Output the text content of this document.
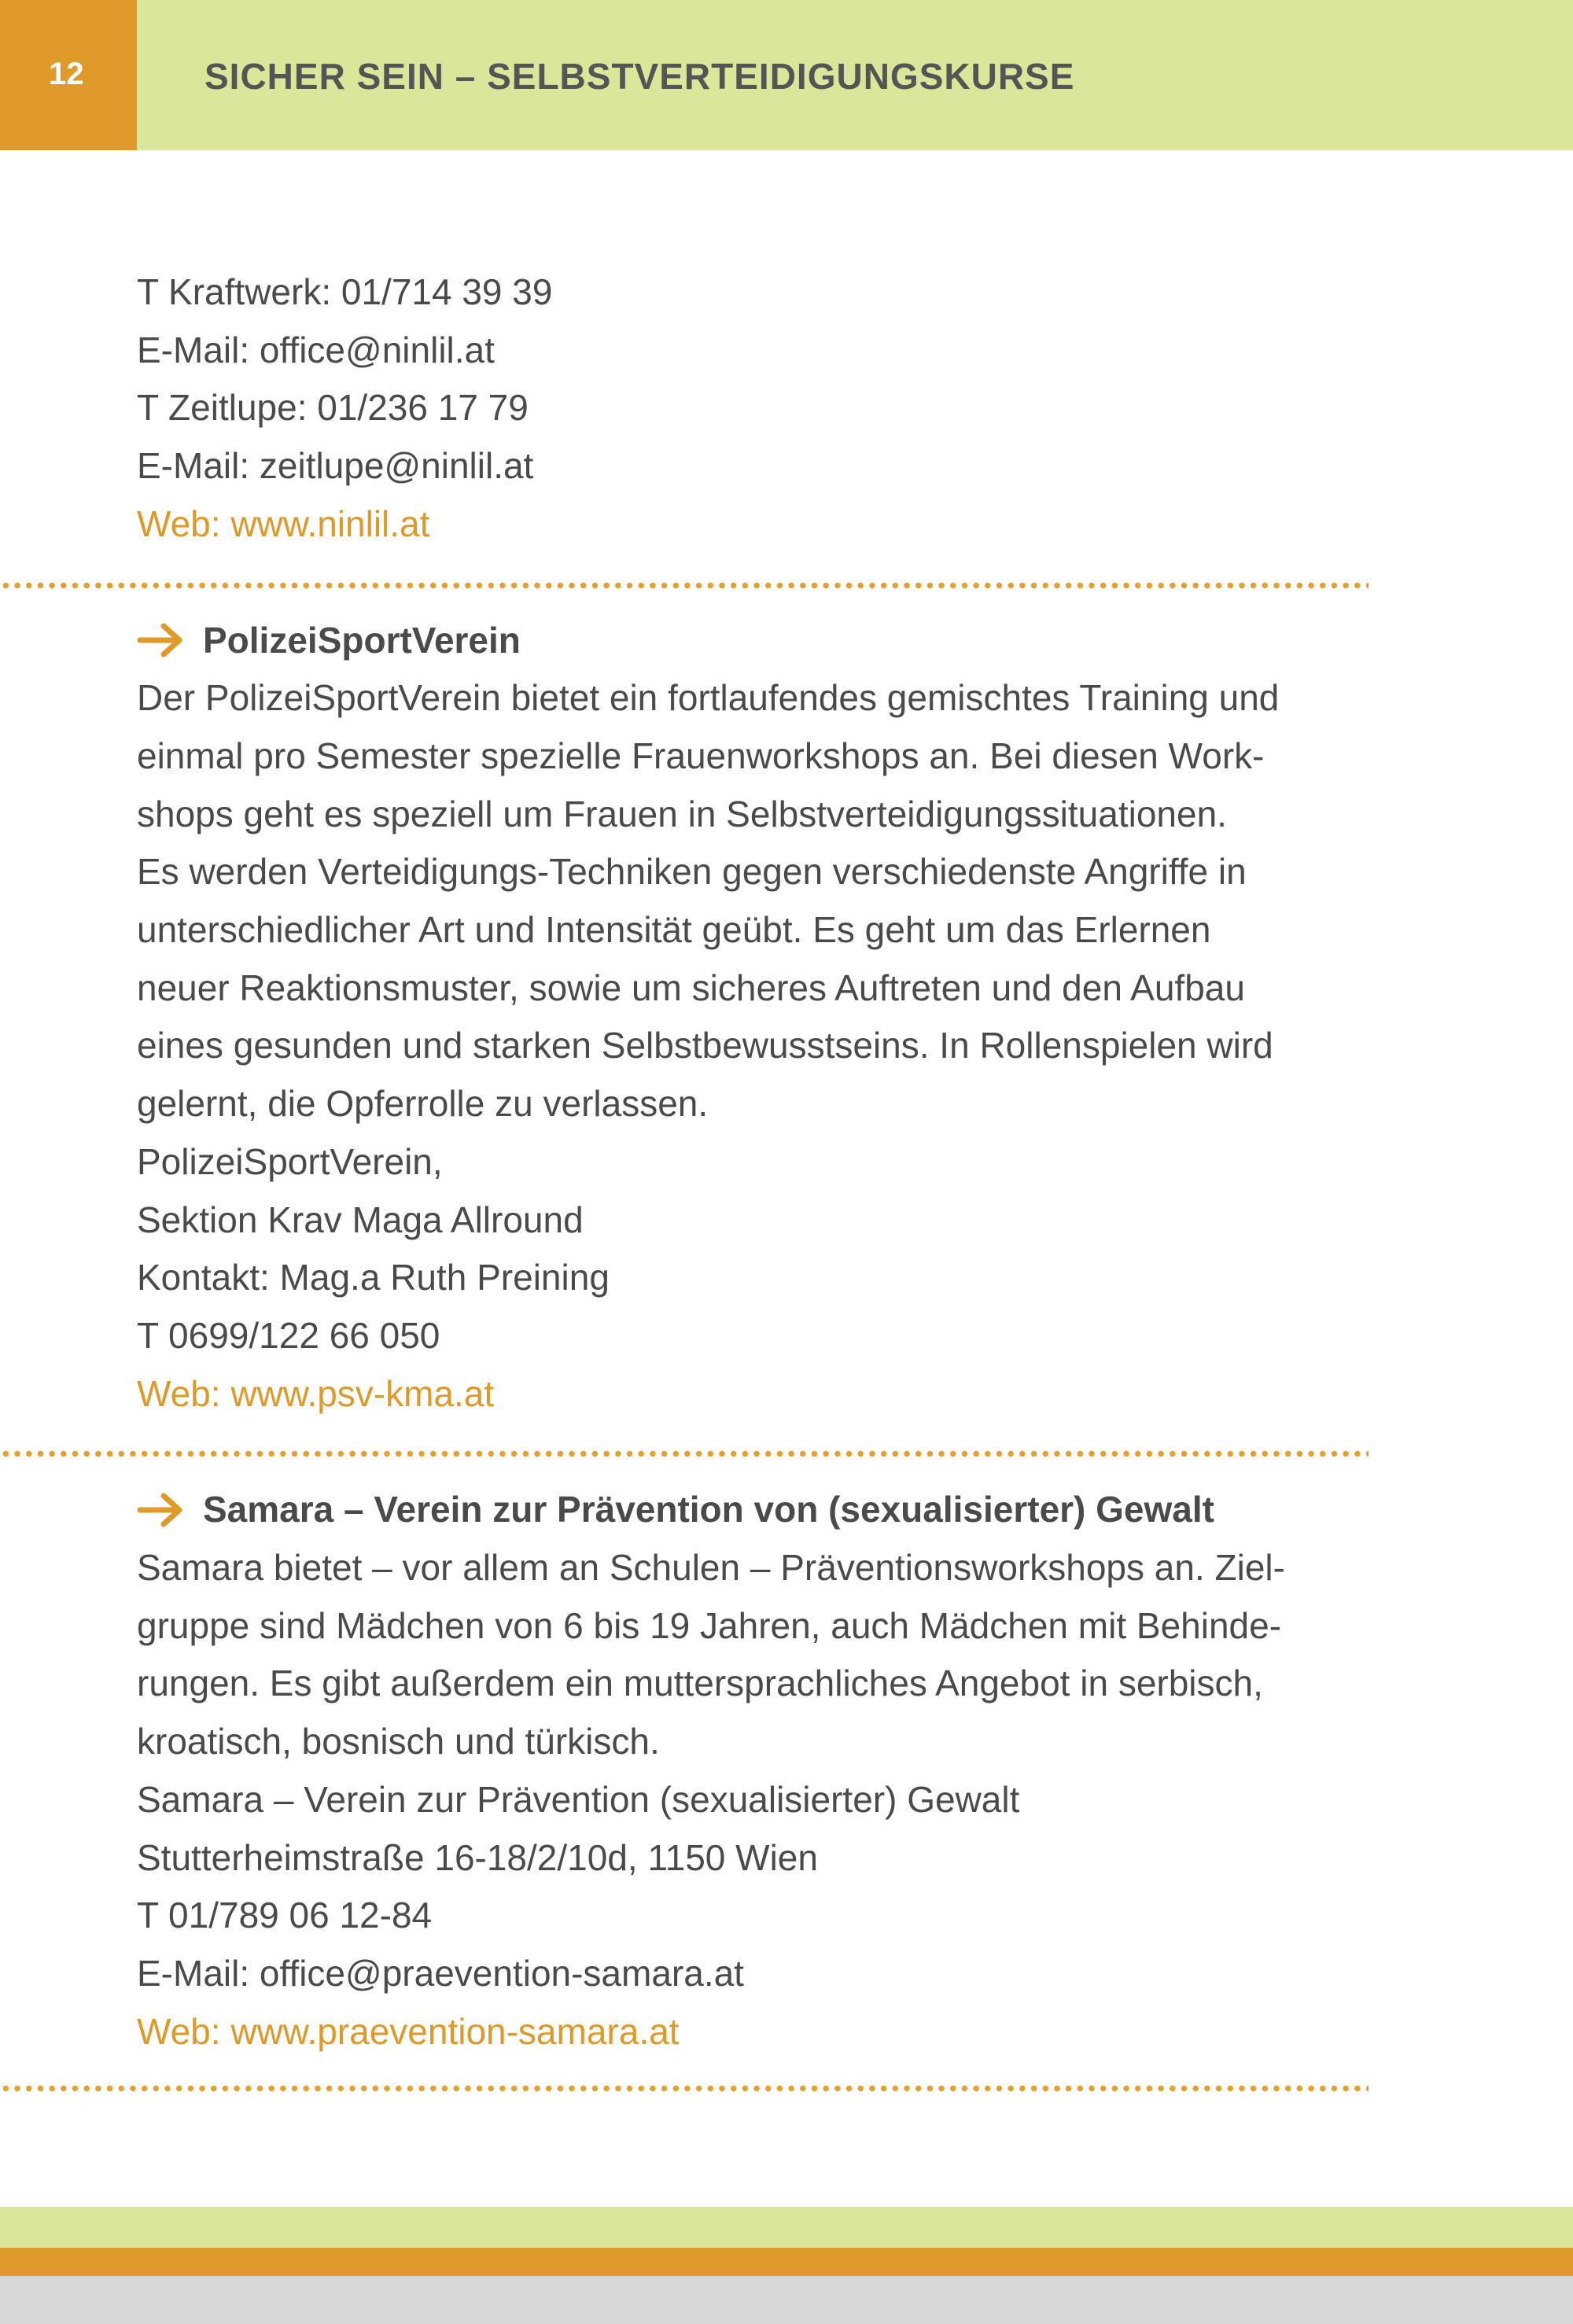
12	SICHER SEIN – SELBSTVERTEIDIGUNGSKURSE
T Kraftwerk: 01/714 39 39
E-Mail: office@ninlil.at
T Zeitlupe: 01/236 17 79
E-Mail: zeitlupe@ninlil.at
Web: www.ninlil.at
PolizeiSportVerein
Der PolizeiSportVerein bietet ein fortlaufendes gemischtes Training und
einmal pro Semester spezielle Frauenworkshops an. Bei diesen Work-
shops geht es speziell um Frauen in Selbstverteidigungssituationen.
Es werden Verteidigungs-Techniken gegen verschiedenste Angriffe in
unterschiedlicher Art und Intensität geübt. Es geht um das Erlernen
neuer Reaktionsmuster, sowie um sicheres Auftreten und den Aufbau
eines gesunden und starken Selbstbewusstseins. In Rollenspielen wird
gelernt, die Opferrolle zu verlassen.
PolizeiSportVerein,
Sektion Krav Maga Allround
Kontakt: Mag.a Ruth Preining
T 0699/122 66 050
Web: www.psv-kma.at
Samara – Verein zur Prävention von (sexualisierter) Gewalt
Samara bietet – vor allem an Schulen – Präventionsworkshops an. Ziel-
gruppe sind Mädchen von 6 bis 19 Jahren, auch Mädchen mit Behinde-
rungen. Es gibt außerdem ein muttersprachliches Angebot in serbisch,
kroatisch, bosnisch und türkisch.
Samara – Verein zur Prävention (sexualisierter) Gewalt
Stutterheimstraße 16-18/2/10d, 1150 Wien
T 01/789 06 12-84
E-Mail: office@praevention-samara.at
Web: www.praevention-samara.at
